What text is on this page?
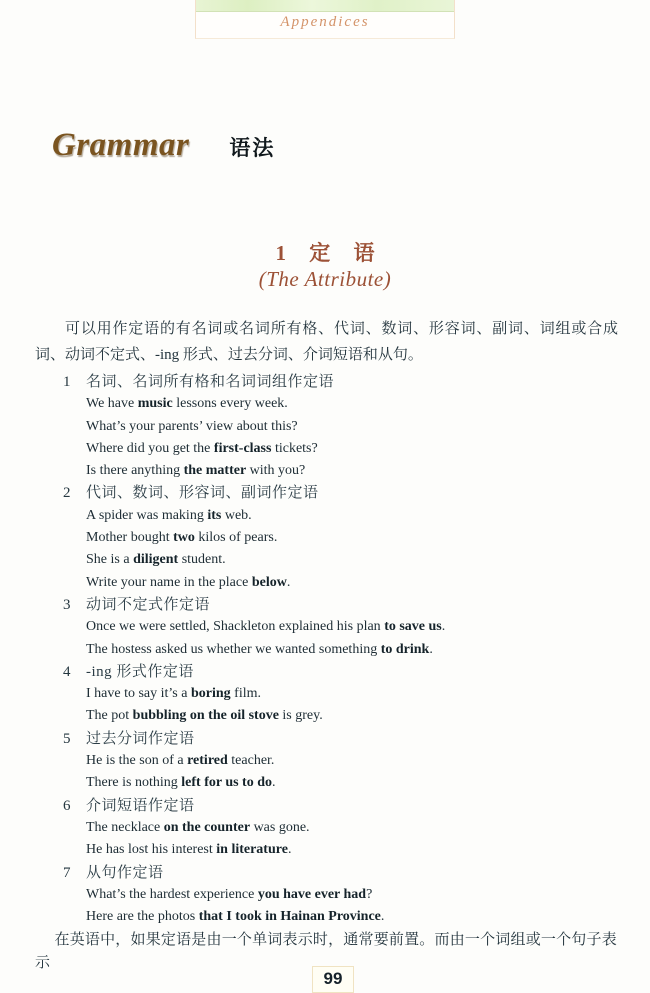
Appendices
Grammar 语法
1 定 语
(The Attribute)

可以用作定语的有名词或名词所有格、代词、数词、形容词、副词、词组或合成词、动词不定式、-ing 形式、过去分词、介词短语和从句。

1	名词、名词所有格和名词词组作定语
We have music lessons every week.
What’s your parents’ view about this?
Where did you get the first-class tickets?
Is there anything the matter with you?
2	代词、数词、形容词、副词作定语
A spider was making its web.
Mother bought two kilos of pears.
She is a diligent student.
Write your name in the place below.
3	动词不定式作定语
Once we were settled, Shackleton explained his plan to save us.
The hostess asked us whether we wanted something to drink.
4	-ing 形式作定语
I have to say it’s a boring film.
The pot bubbling on the oil stove is grey.
5	过去分词作定语
He is the son of a retired teacher.
There is nothing left for us to do.
6	介词短语作定语
The necklace on the counter was gone.
He has lost his interest in literature.
7	从句作定语
What’s the hardest experience you have ever had?
Here are the photos that I took in Hainan Province.

在英语中，如果定语是由一个单词表示时，通常要前置。而由一个词组或一个句子表示

99
